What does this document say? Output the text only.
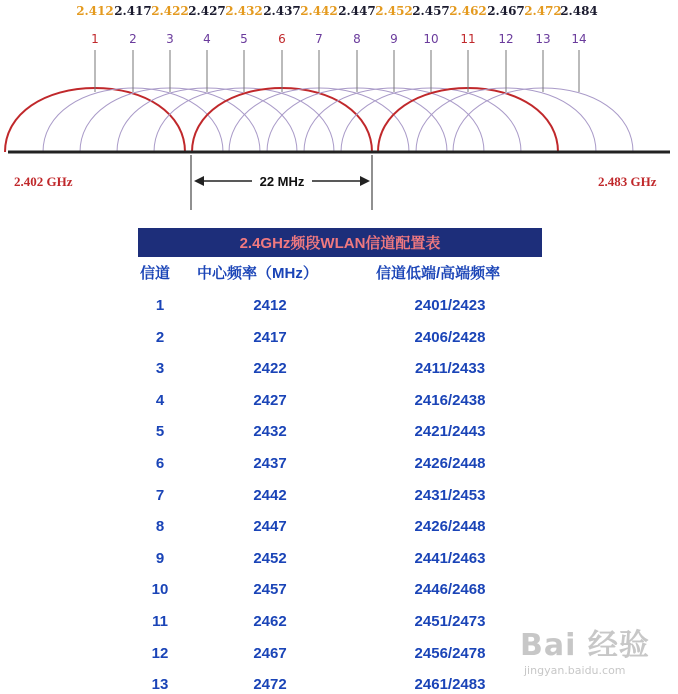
2.412 2.417 2.422 2.427 2.432 2.437 2.442 2.447 2.452 2.457 2.462 2.467 2.472
2.484
1	2 3 4 5	6 7	8 9 10 11 12 13 14
2.402 GHz	2.483 GHz
22 MHz
2.4GHz频段WLAN信道配置表
信道 中心频率（MHz）	信道低端/高端频率
1	2412	2401/2423
2	2417	2406/2428
3	2422	2411/2433
4	2427	2416/2438
5	2432	2421/2443
6	2437	2426/2448
7	2442	2431/2453
8	2447	2426/2448
9	2452	2441/2463
10	2457	2446/2468
11	2462	2451/2473
12	2467	2456/2478
13	2472	2461/2483
Bai 经验
jingyan.baidu.com
